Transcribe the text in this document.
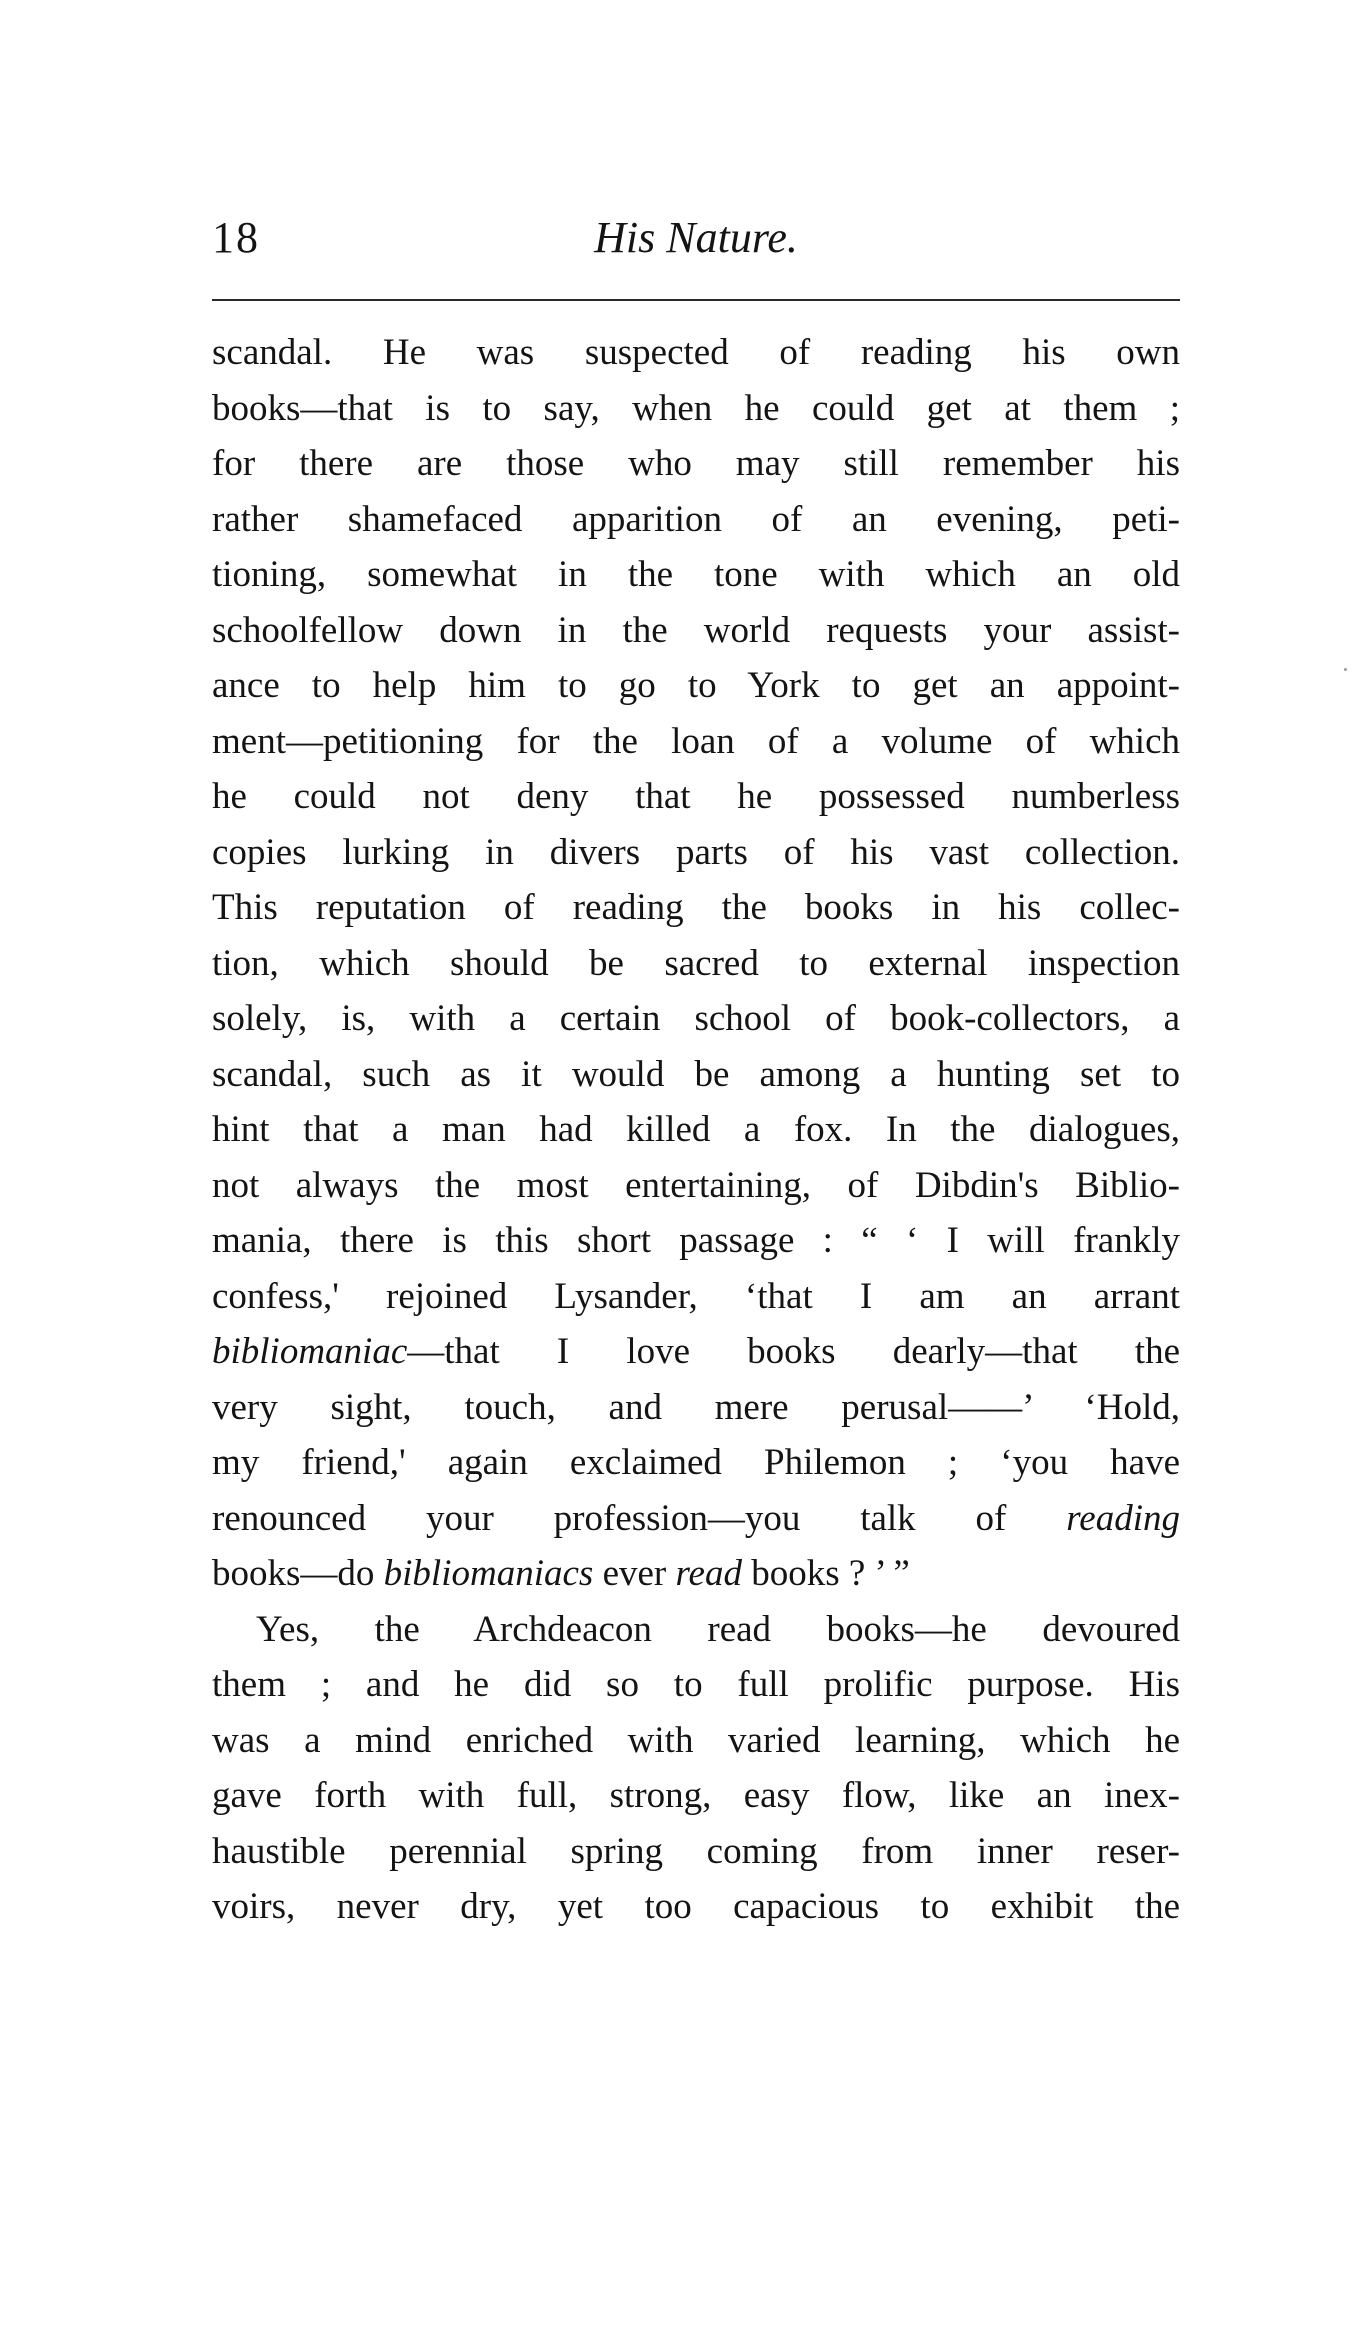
18	His Nature.
scandal. He was suspected of reading his own
books—that is to say, when he could get at them ;
for there are those who may still remember his
rather shamefaced apparition of an evening, peti-
tioning, somewhat in the tone with which an old
schoolfellow down in the world requests your assist-
ance to help him to go to York to get an appoint-
ment—petitioning for the loan of a volume of which
he could not deny that he possessed numberless
copies lurking in divers parts of his vast collection.
This reputation of reading the books in his collec-
tion, which should be sacred to external inspection
solely, is, with a certain school of book-collectors, a
scandal, such as it would be among a hunting set to
hint that a man had killed a fox. In the dialogues,
not always the most entertaining, of Dibdin's Biblio-
mania, there is this short passage : “ ‘ I will frankly
confess,' rejoined Lysander, ‘that I am an arrant
bibliomaniac—that I love books dearly—that the
very sight, touch, and mere perusal——’ ‘Hold,
my friend,' again exclaimed Philemon ; ‘you have
renounced your profession—you talk of reading
books—do bibliomaniacs ever read books ? ’ ”
Yes, the Archdeacon read books—he devoured
them ; and he did so to full prolific purpose. His
was a mind enriched with varied learning, which he
gave forth with full, strong, easy flow, like an inex-
haustible perennial spring coming from inner reser-
voirs, never dry, yet too capacious to exhibit the
